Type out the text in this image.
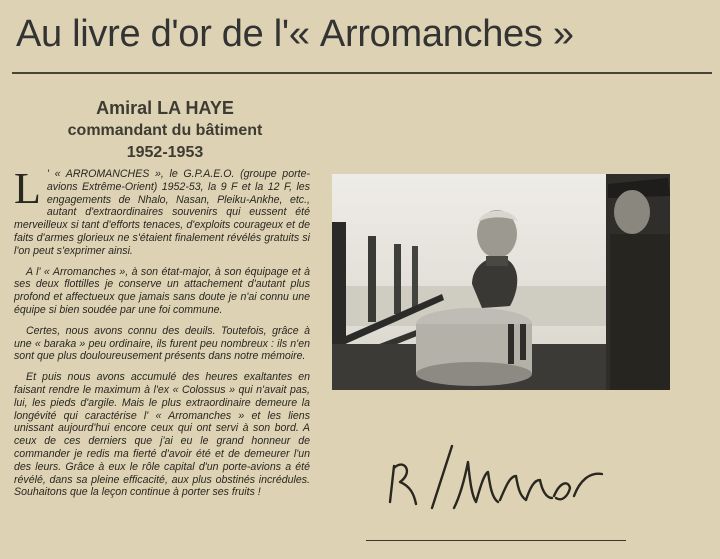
Au livre d'or de l'« Arromanches »
Amiral LA HAYE
commandant du bâtiment
1952-1953

L ' « ARROMANCHES », le G.P.A.E.O. (groupe porte-avions Extrême-Orient) 1952-53, la 9 F et la 12 F, les engagements de Nhalo, Nasan, Pleiku-Ankhe, etc., autant d'extraordinaires souvenirs qui eussent été merveilleux si tant d'efforts tenaces, d'exploits courageux et de faits d'armes glorieux ne s'étaient finalement révélés gratuits si l'on peut s'exprimer ainsi.

A l' « Arromanches », à son état-major, à son équipage et à ses deux flottilles je conserve un attachement d'autant plus profond et affectueux que jamais sans doute je n'ai connu une équipe si bien soudée par une foi commune.

Certes, nous avons connu des deuils. Toutefois, grâce à une « baraka » peu ordinaire, ils furent peu nombreux : ils n'en sont que plus douloureusement présents dans notre mémoire.

Et puis nous avons accumulé des heures exaltantes en faisant rendre le maximum à l'ex « Colossus » qui n'avait pas, lui, les pieds d'argile. Mais le plus extraordinaire demeure la longévité qui caractérise l' « Arromanches » et les liens unissant aujourd'hui encore ceux qui ont servi à son bord. A ceux de ces derniers que j'ai eu le grand honneur de commander je redis ma fierté d'avoir été et de demeurer l'un des leurs. Grâce à eux le rôle capital d'un porte-avions a été révélé, dans sa pleine efficacité, aux plus obstinés incrédules. Souhaitons que la leçon continue à porter ses fruits !
